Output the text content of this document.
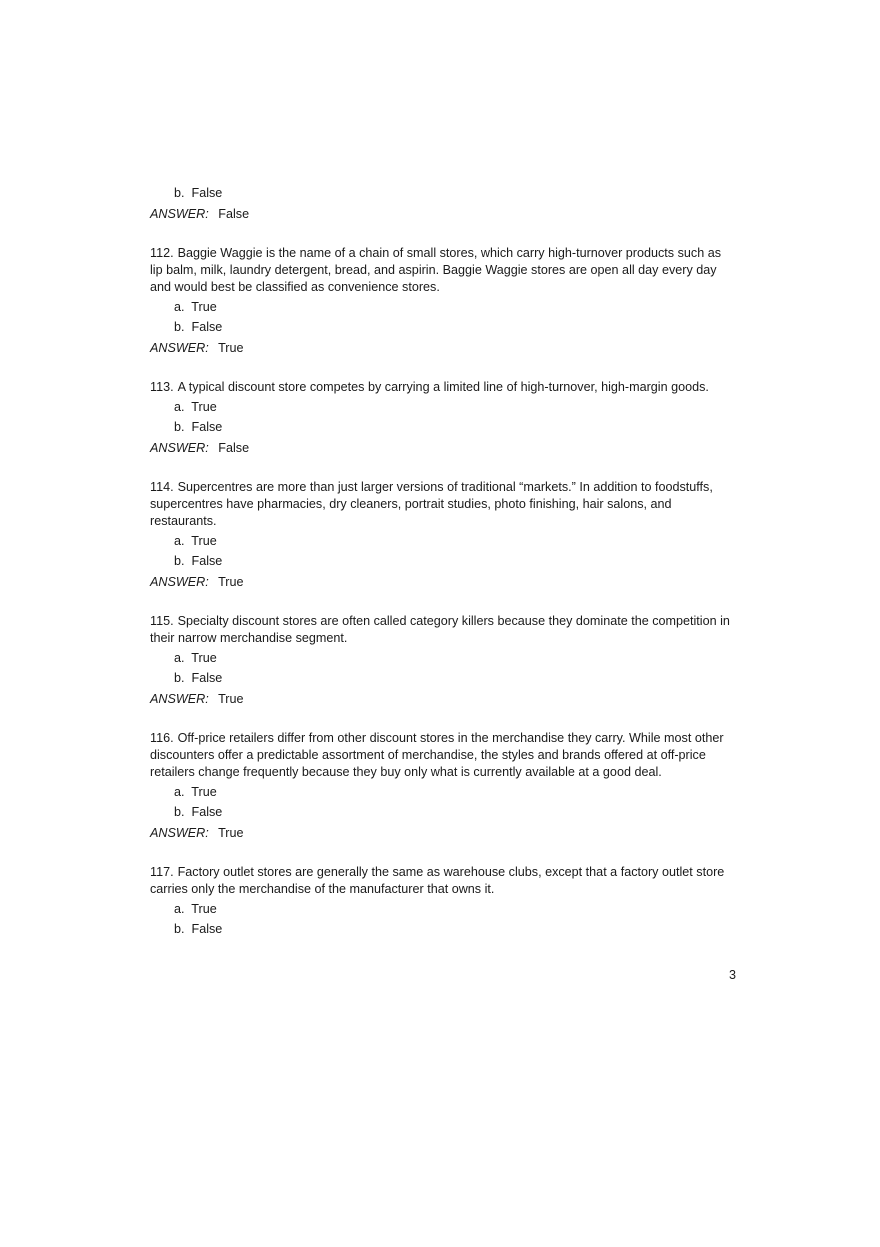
b. False
ANSWER: False
112. Baggie Waggie is the name of a chain of small stores, which carry high-turnover products such as lip balm, milk, laundry detergent, bread, and aspirin. Baggie Waggie stores are open all day every day and would best be classified as convenience stores.
a. True
b. False
ANSWER: True
113. A typical discount store competes by carrying a limited line of high-turnover, high-margin goods.
a. True
b. False
ANSWER: False
114. Supercentres are more than just larger versions of traditional “markets.” In addition to foodstuffs, supercentres have pharmacies, dry cleaners, portrait studies, photo finishing, hair salons, and restaurants.
a. True
b. False
ANSWER: True
115. Specialty discount stores are often called category killers because they dominate the competition in their narrow merchandise segment.
a. True
b. False
ANSWER: True
116. Off-price retailers differ from other discount stores in the merchandise they carry. While most other discounters offer a predictable assortment of merchandise, the styles and brands offered at off-price retailers change frequently because they buy only what is currently available at a good deal.
a. True
b. False
ANSWER: True
117. Factory outlet stores are generally the same as warehouse clubs, except that a factory outlet store carries only the merchandise of the manufacturer that owns it.
a. True
b. False
3
